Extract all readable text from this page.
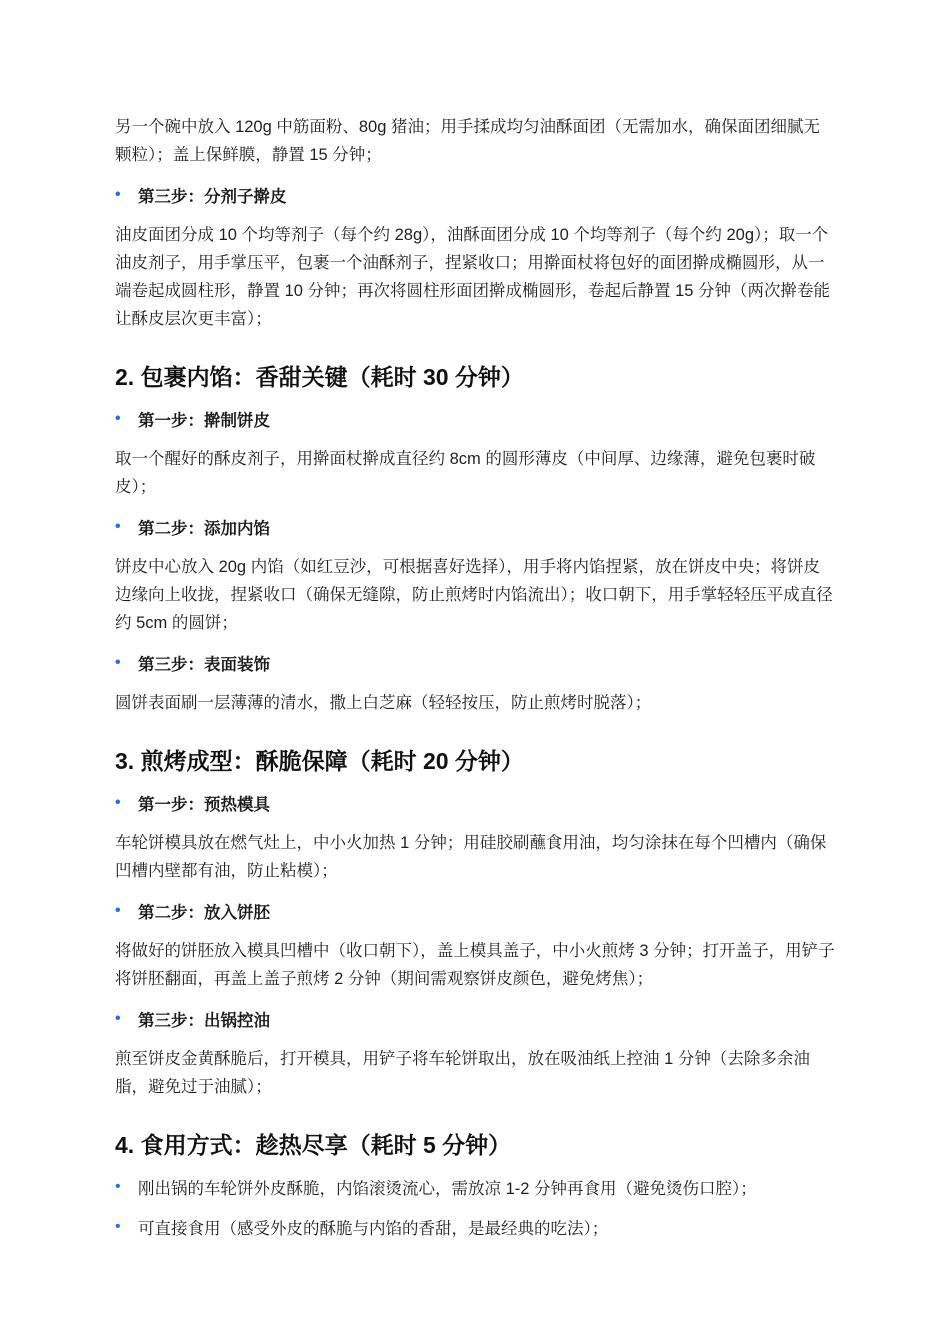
另一个碗中放入 120g 中筋面粉、80g 猪油；用手揉成均匀油酥面团（无需加水，确保面团细腻无颗粒）；盖上保鲜膜，静置 15 分钟；

•	第三步：分剂子擀皮

油皮面团分成 10 个均等剂子（每个约 28g），油酥面团分成 10 个均等剂子（每个约 20g）；取一个油皮剂子，用手掌压平，包裹一个油酥剂子，捏紧收口；用擀面杖将包好的面团擀成椭圆形，从一端卷起成圆柱形，静置 10 分钟；再次将圆柱形面团擀成椭圆形，卷起后静置 15 分钟（两次擀卷能让酥皮层次更丰富）；

2. 包裹内馅：香甜关键（耗时 30 分钟）
•	第一步：擀制饼皮

取一个醒好的酥皮剂子，用擀面杖擀成直径约 8cm 的圆形薄皮（中间厚、边缘薄，避免包裹时破皮）；

•	第二步：添加内馅

饼皮中心放入 20g 内馅（如红豆沙，可根据喜好选择），用手将内馅捏紧，放在饼皮中央；将饼皮边缘向上收拢，捏紧收口（确保无缝隙，防止煎烤时内馅流出）；收口朝下，用手掌轻轻压平成直径约 5cm 的圆饼；

•	第三步：表面装饰

圆饼表面刷一层薄薄的清水，撒上白芝麻（轻轻按压，防止煎烤时脱落）；

3. 煎烤成型：酥脆保障（耗时 20 分钟）
•	第一步：预热模具

车轮饼模具放在燃气灶上，中小火加热 1 分钟；用硅胶刷蘸食用油，均匀涂抹在每个凹槽内（确保凹槽内壁都有油，防止粘模）；

•	第二步：放入饼胚

将做好的饼胚放入模具凹槽中（收口朝下），盖上模具盖子，中小火煎烤 3 分钟；打开盖子，用铲子将饼胚翻面，再盖上盖子煎烤 2 分钟（期间需观察饼皮颜色，避免烤焦）；

•	第三步：出锅控油

煎至饼皮金黄酥脆后，打开模具，用铲子将车轮饼取出，放在吸油纸上控油 1 分钟（去除多余油脂，避免过于油腻）；

4. 食用方式：趁热尽享（耗时 5 分钟）
•	刚出锅的车轮饼外皮酥脆，内馅滚烫流心，需放凉 1-2 分钟再食用（避免烫伤口腔）；
•	可直接食用（感受外皮的酥脆与内馅的香甜，是最经典的吃法）；
